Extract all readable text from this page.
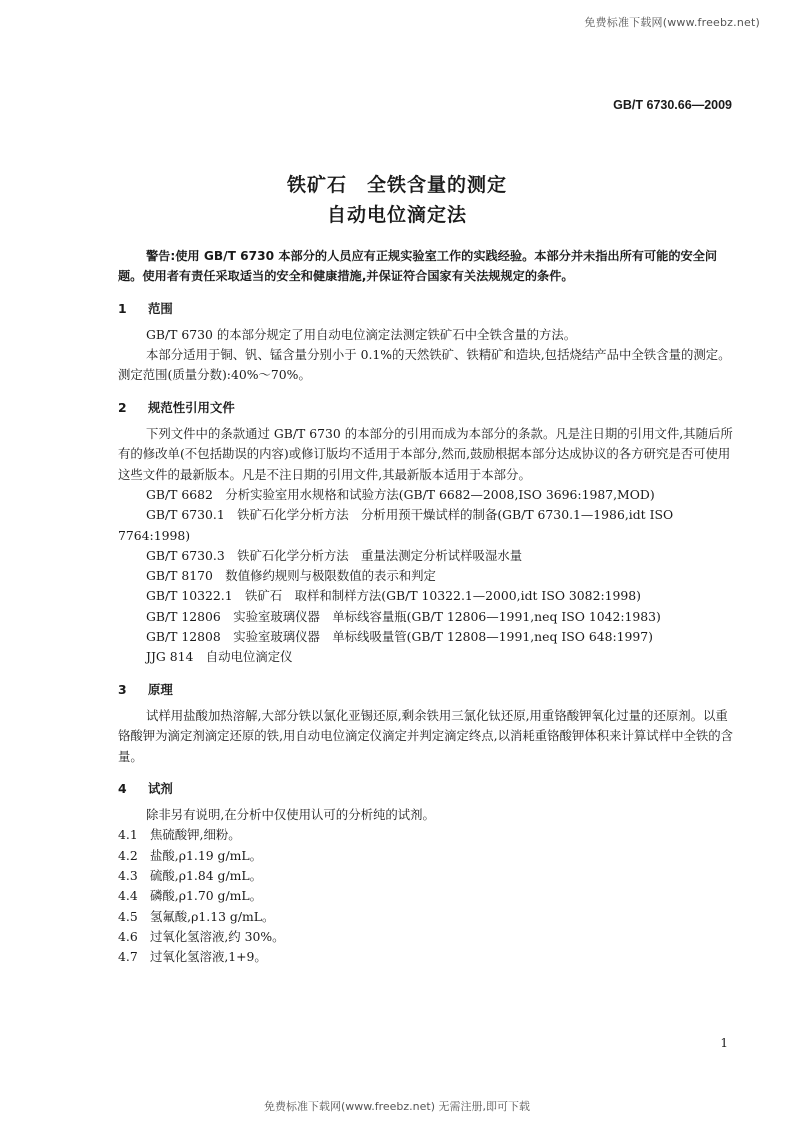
免费标准下载网(www.freebz.net)
GB/T 6730.66—2009
铁矿石　全铁含量的测定
自动电位滴定法

警告:使用 GB/T 6730 本部分的人员应有正规实验室工作的实践经验。本部分并未指出所有可能的安全问题。使用者有责任采取适当的安全和健康措施,并保证符合国家有关法规规定的条件。

1 范围

GB/T 6730 的本部分规定了用自动电位滴定法测定铁矿石中全铁含量的方法。

本部分适用于铜、钒、锰含量分别小于 0.1%的天然铁矿、铁精矿和造块,包括烧结产品中全铁含量的测定。测定范围(质量分数):40%～70%。

2 规范性引用文件

下列文件中的条款通过 GB/T 6730 的本部分的引用而成为本部分的条款。凡是注日期的引用文件,其随后所有的修改单(不包括勘误的内容)或修订版均不适用于本部分,然而,鼓励根据本部分达成协议的各方研究是否可使用这些文件的最新版本。凡是不注日期的引用文件,其最新版本适用于本部分。

GB/T 6682　分析实验室用水规格和试验方法(GB/T 6682—2008,ISO 3696:1987,MOD)

GB/T 6730.1　铁矿石化学分析方法　分析用预干燥试样的制备(GB/T 6730.1—1986,idt ISO 7764:1998)

GB/T 6730.3　铁矿石化学分析方法　重量法测定分析试样吸湿水量

GB/T 8170　数值修约规则与极限数值的表示和判定

GB/T 10322.1　铁矿石　取样和制样方法(GB/T 10322.1—2000,idt ISO 3082:1998)

GB/T 12806　实验室玻璃仪器　单标线容量瓶(GB/T 12806—1991,neq ISO 1042:1983)

GB/T 12808　实验室玻璃仪器　单标线吸量管(GB/T 12808—1991,neq ISO 648:1997)

JJG 814　自动电位滴定仪

3 原理

试样用盐酸加热溶解,大部分铁以氯化亚锡还原,剩余铁用三氯化钛还原,用重铬酸钾氧化过量的还原剂。以重铬酸钾为滴定剂滴定还原的铁,用自动电位滴定仪滴定并判定滴定终点,以消耗重铬酸钾体积来计算试样中全铁的含量。

4 试剂

除非另有说明,在分析中仅使用认可的分析纯的试剂。

4.1 焦硫酸钾,细粉。

4.2 盐酸,ρ1.19 g/mL。

4.3 硫酸,ρ1.84 g/mL。

4.4 磷酸,ρ1.70 g/mL。

4.5 氢氟酸,ρ1.13 g/mL。

4.6 过氧化氢溶液,约 30%。

4.7 过氧化氢溶液,1+9。

1
免费标准下载网(www.freebz.net) 无需注册,即可下载
